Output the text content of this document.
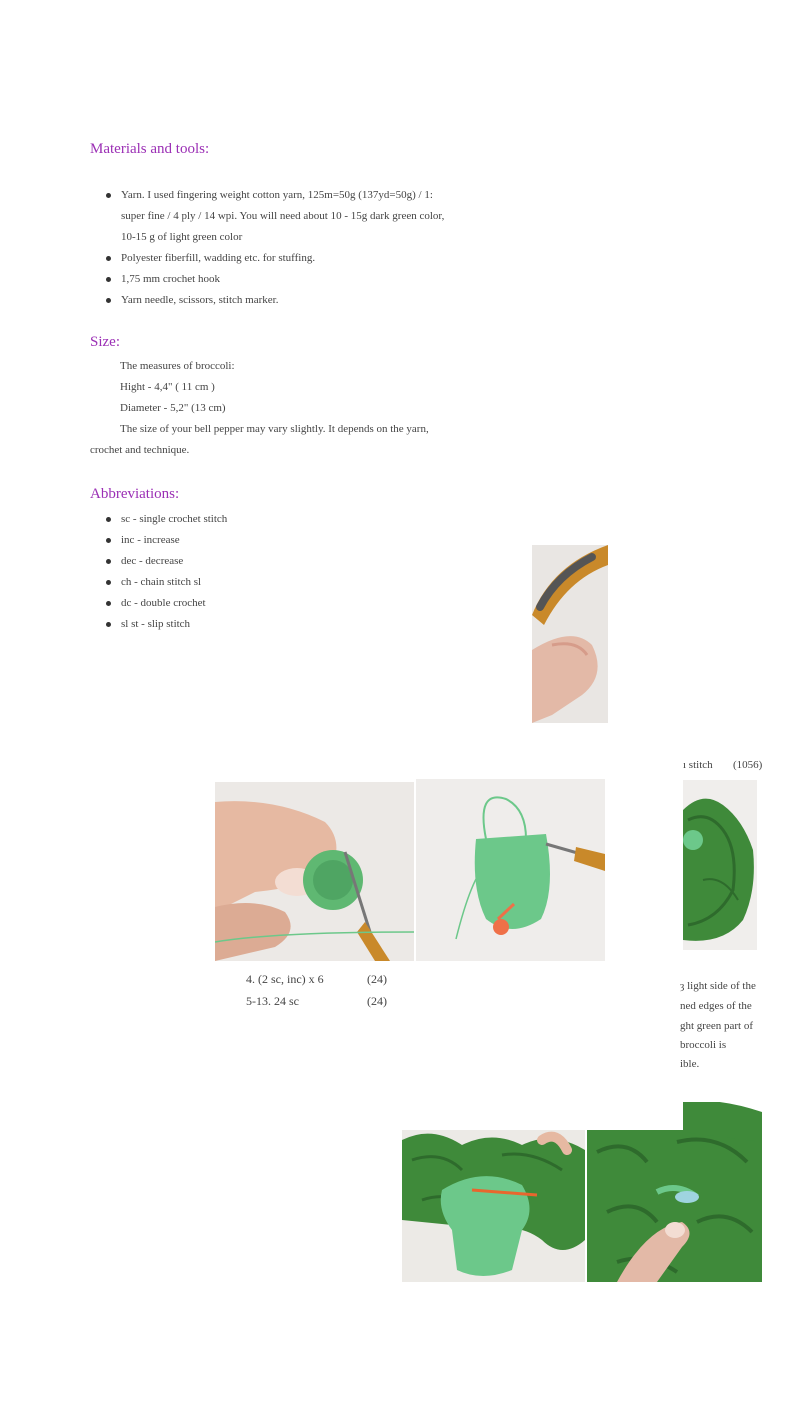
Materials and tools:
Yarn. I used fingering weight cotton yarn, 125m=50g (137yd=50g) / 1:
super fine / 4 ply / 14 wpi. You will need about 10 - 15g dark green color,
10-15 g of light green color
Polyester fiberfill, wadding etc. for stuffing.
1,75 mm crochet hook
Yarn needle, scissors, stitch marker.
Size:
The measures of broccoli:
Hight - 4,4" ( 11 cm )
Diameter - 5,2" (13 cm)
The size of your bell pepper may vary slightly. It depends on the yarn,
crochet and technique.
Abbreviations:
sc - single crochet stitch
inc - increase
dec - decrease
ch - chain stitch sl
dc - double crochet
sl st - slip stitch
ı stitch (1056)
ȝ light side of the
ned edges of the
ght green part of
broccoli is
ible.
4. (2 sc, inc) x 6	(24)
5-13. 24 sc	(24)
